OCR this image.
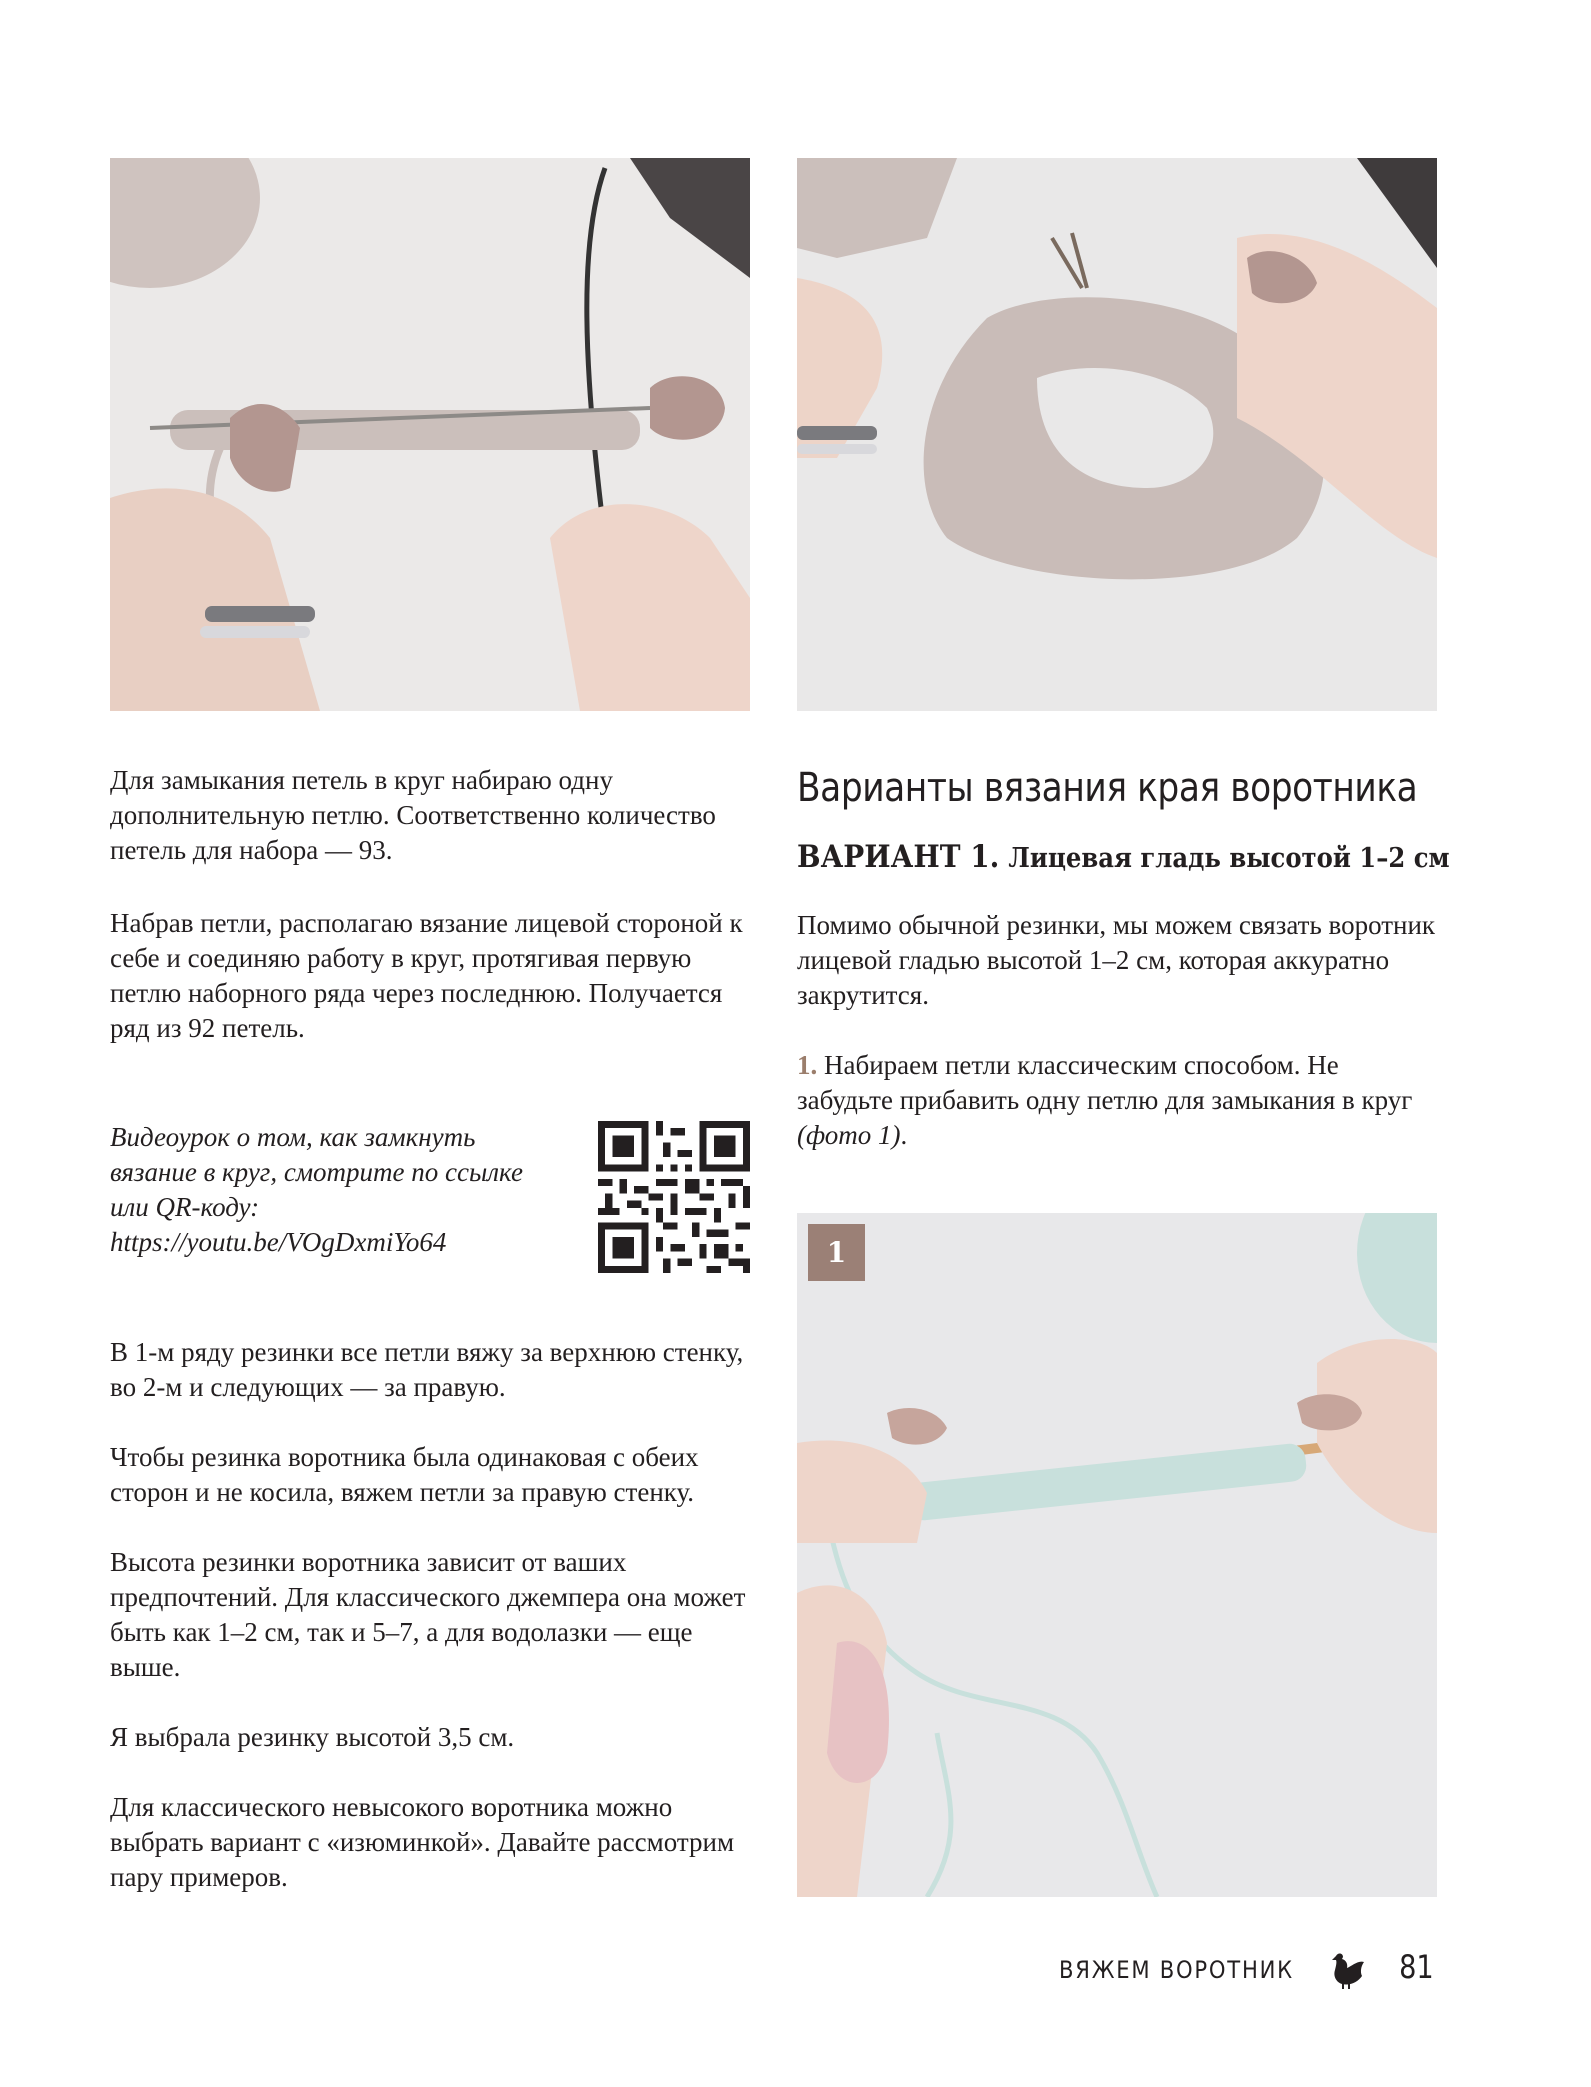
Для замыкания петель в круг набираю одну дополнительную петлю. Соответственно количество петель для набора — 93.

Набрав петли, располагаю вязание лицевой стороной к себе и соединяю работу в круг, протягивая первую петлю наборного ряда через последнюю. Получается ряд из 92 петель.

Видеоурок о том, как замкнуть вязание в круг, смотрите по ссылке или QR-коду:
https://youtu.be/VOgDxmiYo64

В 1-м ряду резинки все петли вяжу за верхнюю стенку, во 2-м и следующих — за правую.

Чтобы резинка воротника была одинаковая с обеих сторон и не косила, вяжем петли за правую стенку.

Высота резинки воротника зависит от ваших предпочтений. Для классического джемпера она может быть как 1–2 см, так и 5–7, а для водолазки — еще выше.

Я выбрала резинку высотой 3,5 см.

Для классического невысокого воротника можно выбрать вариант с «изюминкой». Давайте рассмотрим пару примеров.

Варианты вязания края воротника
ВАРИАНТ 1. Лицевая гладь высотой 1–2 см

Помимо обычной резинки, мы можем связать воротник лицевой гладью высотой 1–2 см, которая аккуратно закрутится.

1. Набираем петли классическим способом. Не забудьте прибавить одну петлю для замыкания в круг (фото 1).

1
ВЯЖЕМ ВОРОТНИК	81
